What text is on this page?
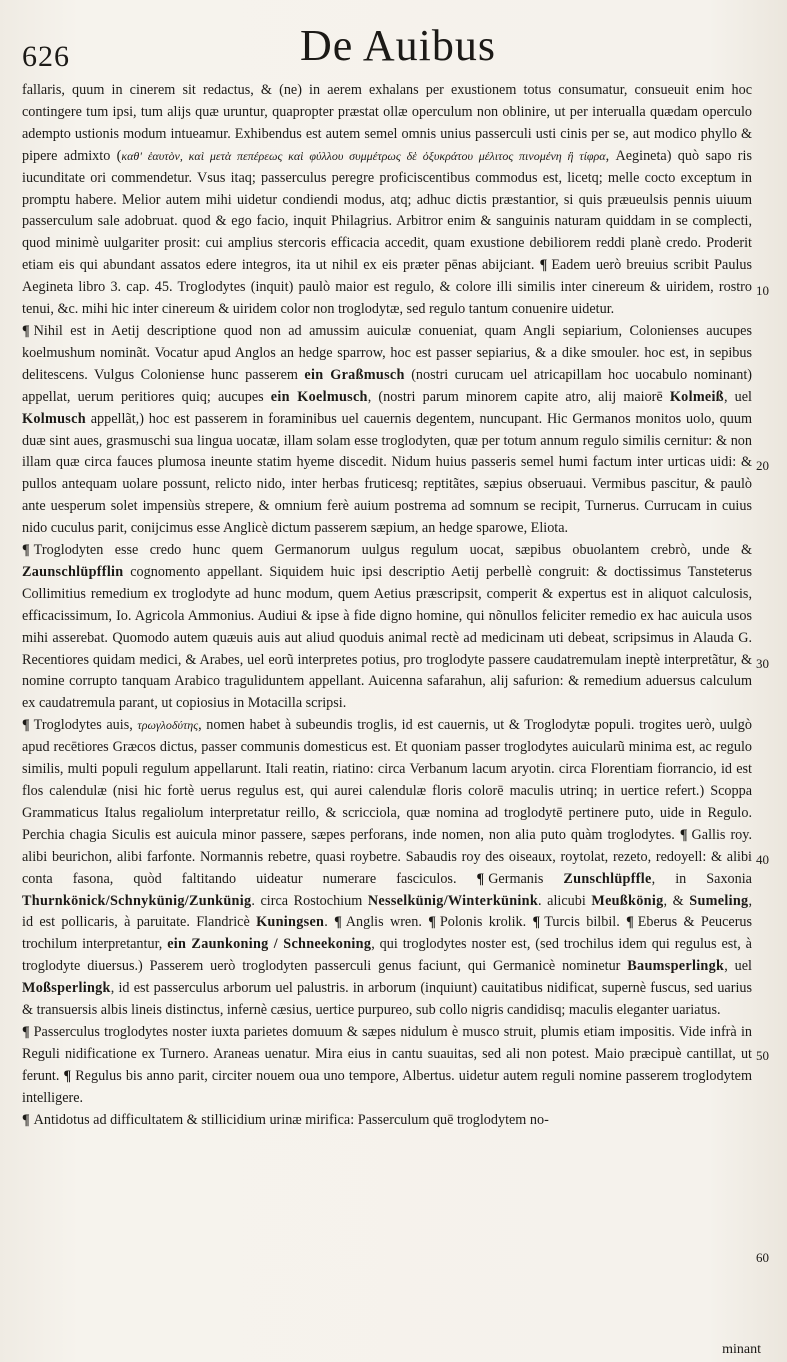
626	De Auibus

fallaris, quum in cinerem sit redactus, & (ne) in aerem exhalans per exustionem totus consumatur, consueuit enim hoc contingere tum ipsi, tum alijs quæ uruntur, quapropter præstat ollæ operculum non oblinire, ut per interualla quædam operculo adempto ustionis modum intueamur. Exhibendus est autem semel omnis unius passerculi usti cinis per se, aut modico phyllo & pipere admixto (καθ' ἑαυτὸν, καὶ μετὰ πεπέρεως καὶ φύλλου συμμέτρως δὲ ὀξυκράτου μέλιτος πινομένη ἢ τίφρα, Aegineta) quò sapo ris iucunditate ori commendetur. Vsus itaq; passerculus peregre proficiscentibus commodus est, licetq; melle cocto exceptum in promptu habere. Melior autem mihi uidetur condiendi modus, atq; adhuc dictis præstantior, si quis præueulsis pennis uiuum passerculum sale adobruat. quod & ego facio, inquit Philagrius. Arbitror enim & sanguinis naturam quiddam in se complecti, quod minimè uulgariter prosit: cui amplius stercoris efficacia accedit, quam exustione debiliorem reddi planè credo. Proderit etiam eis qui abundant assatos edere integros, ita ut nihil ex eis præter pēnas abijciant. ¶ Eadem uerò breuius scribit Paulus Aegineta libro 3. cap. 45. Troglodytes (inquit) paulò maior est regulo, & colore illi similis inter cinereum & uiridem, rostro tenui, &c. mihi hic inter cinereum & uiridem color non troglodytæ, sed regulo tantum conuenire uidetur.

¶ Nihil est in Aetij descriptione quod non ad amussim auiculæ conueniat, quam Angli sepiarium, Colonienses aucupes koelmushum nominãt. Vocatur apud Anglos an hedge sparrow, hoc est passer sepiarius, & a dike smouler. hoc est, in sepibus delitescens. Vulgus Coloniense hunc passerem ein Graßmusch (nostri curucam uel atricapillam hoc uocabulo nominant) appellat, uerum peritiores quiq; aucupes ein Koelmusch, (nostri parum minorem capite atro, alij maiorē Kolmeiß, uel Kolmusch appellãt,) hoc est passerem in foraminibus uel cauernis degentem, nuncupant. Hic Germanos monitos uolo, quum duæ sint aues, grasmuschi sua lingua uocatæ, illam solam esse troglodyten, quæ per totum annum regulo similis cernitur: & non illam quæ circa fauces plumosa ineunte statim hyeme discedit. Nidum huius passeris semel humi factum inter urticas uidi: & pullos antequam uolare possunt, relicto nido, inter herbas fruticesq; reptitãtes, sæpius obseruaui. Vermibus pascitur, & paulò ante uesperum solet impensiùs strepere, & omnium ferè auium postrema ad somnum se recipit, Turnerus. Currucam in cuius nido cuculus parit, conijcimus esse Anglicè dictum passerem sæpium, an hedge sparowe, Eliota.

¶ Troglodyten esse credo hunc quem Germanorum uulgus regulum uocat, sæpibus obuolantem crebrò, unde & Zaunschlüpfflin cognomento appellant. Siquidem huic ipsi descriptio Aetij perbellè congruit: & doctissimus Tansteterus Collimitius remedium ex troglodyte ad hunc modum, quem Aetius præscripsit, comperit & expertus est in aliquot calculosis, efficacissimum, Io. Agricola Ammonius. Audiui & ipse à fide digno homine, qui nõnullos feliciter remedio ex hac auicula usos mihi asserebat. Quomodo autem quæuis auis aut aliud quoduis animal rectè ad medicinam uti debeat, scripsimus in Alauda G. Recentiores quidam medici, & Arabes, uel eorũ interpretes potius, pro troglodyte passere caudatremulam ineptè interpretãtur, & nomine corrupto tanquam Arabico traguliduntem appellant. Auicenna safarahun, alij safurion: & remedium aduersus calculum ex caudatremula parant, ut copiosius in Motacilla scripsi.

¶ Troglodytes auis, τρωγλοδύτης, nomen habet à subeundis troglis, id est cauernis, ut & Troglodytæ populi. trogites uerò, uulgò apud recētiores Græcos dictus, passer communis domesticus est. Et quoniam passer troglodytes auicularũ minima est, ac regulo similis, multi populi regulum appellarunt. Itali reatin, riatino: circa Verbanum lacum aryotin. circa Florentiam fiorrancio, id est flos calendulæ (nisi hic fortè uerus regulus est, qui aurei calendulæ floris colorē maculis utrinq; in uertice refert.) Scoppa Grammaticus Italus regaliolum interpretatur reillo, & scricciola, quæ nomina ad troglodytē pertinere puto, uide in Regulo. Perchia chagia Siculis est auicula minor passere, sæpes perforans, inde nomen, non alia puto quàm troglodytes. ¶ Gallis roy. alibi beurichon, alibi farfonte. Normannis rebetre, quasi roybetre. Sabaudis roy des oiseaux, roytolat, rezeto, redoyell: & alibi conta fasona, quòd faltitando uideatur numerare fasciculos. ¶ Germanis Zunschlüpffle, in Saxonia Thurnkönick/Schnykünig/Zunkünig. circa Rostochium Nesselkünig/Winterkünink. alicubi Meußkönig, & Sumeling, id est pollicaris, à paruitate. Flandricè Kuningsen. ¶ Anglis wren. ¶ Polonis krolik. ¶ Turcis bilbil. ¶ Eberus & Peucerus trochilum interpretantur, ein Zaunkoning / Schneekoning, qui troglodytes noster est, (sed trochilus idem qui regulus est, à troglodyte diuersus.) Passerem uerò troglodyten passerculi genus faciunt, qui Germanicè nominetur Baumsperlingk, uel Moßsperlingk, id est passerculus arborum uel palustris. in arborum (inquiunt) cauitatibus nidificat, supernè fuscus, sed uarius & transuersis albis lineis distinctus, infernè cæsius, uertice purpureo, sub collo nigris candidisq; maculis eleganter uariatus.

¶ Passerculus troglodytes noster iuxta parietes domuum & sæpes nidulum è musco struit, plumis etiam impositis. Vide infrà in Reguli nidificatione ex Turnero. Araneas uenatur. Mira eius in cantu suauitas, sed ali non potest. Maio præcipuè cantillat, ut ferunt. ¶ Regulus bis anno parit, circiter nouem oua uno tempore, Albertus. uidetur autem reguli nomine passerem troglodytem intelligere.

¶ Antidotus ad difficultatem & stillicidium urinæ mirifica: Passerculum quē troglodytem no-

10
20
30
40
50
60
minant
